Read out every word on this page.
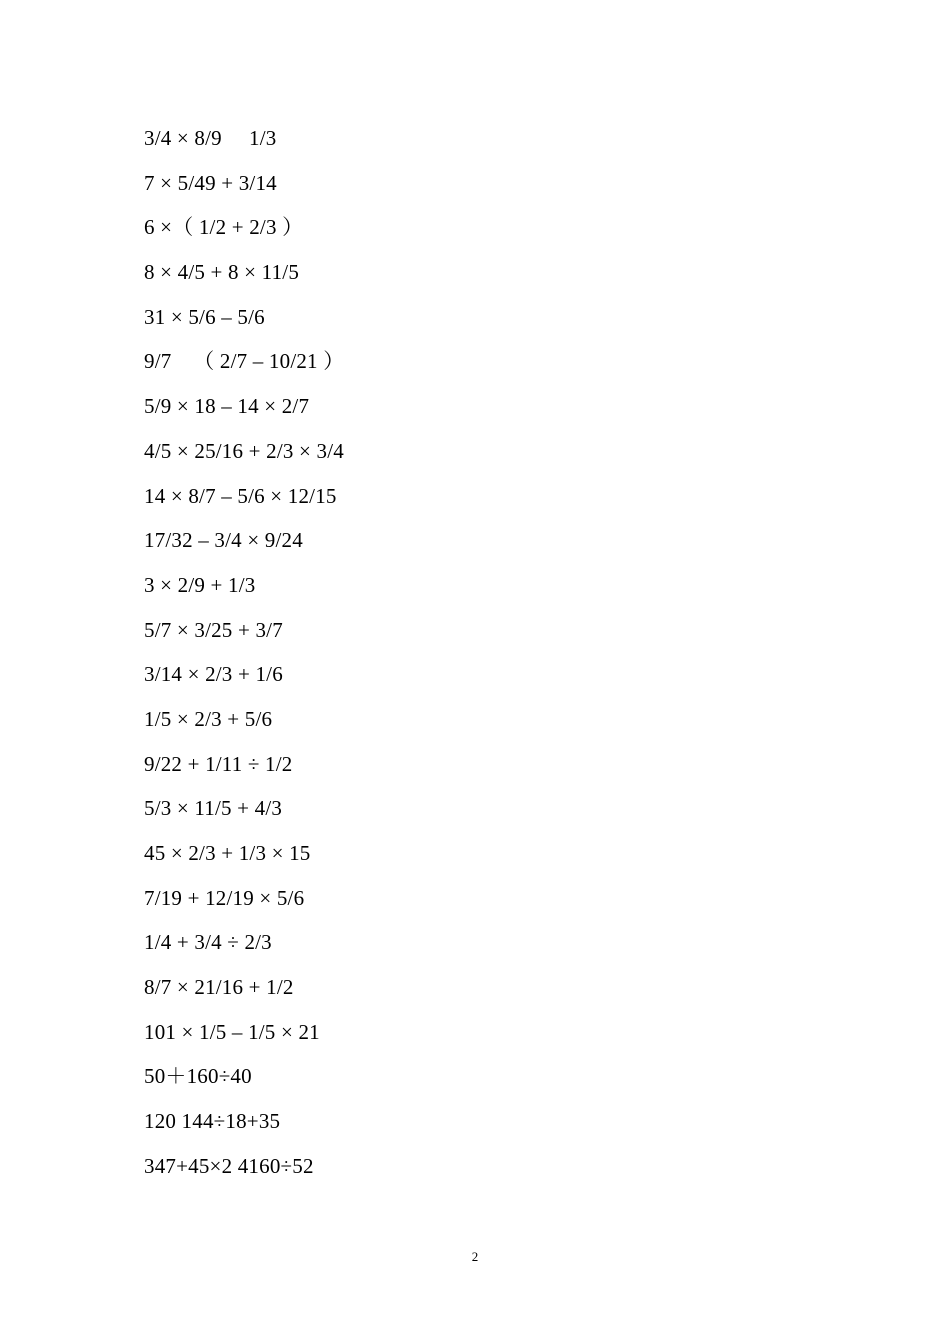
3/4 × 8/9     1/3
7 × 5/49 + 3/14
6 ×（ 1/2 + 2/3 ）
8 × 4/5 + 8 × 11/5
31 × 5/6 – 5/6
9/7    （ 2/7 – 10/21 ）
5/9 × 18 – 14 × 2/7
4/5 × 25/16 + 2/3 × 3/4
14 × 8/7 – 5/6 × 12/15
17/32 – 3/4 × 9/24
3 × 2/9 + 1/3
5/7 × 3/25 + 3/7
3/14 × 2/3 + 1/6
1/5 × 2/3 + 5/6
9/22 + 1/11 ÷ 1/2
5/3 × 11/5 + 4/3
45 × 2/3 + 1/3 × 15
7/19 + 12/19 × 5/6
1/4 + 3/4 ÷ 2/3
8/7 × 21/16 + 1/2
101 × 1/5 – 1/5 × 21
50＋160÷40
120 144÷18+35
347+45×2 4160÷52
2
